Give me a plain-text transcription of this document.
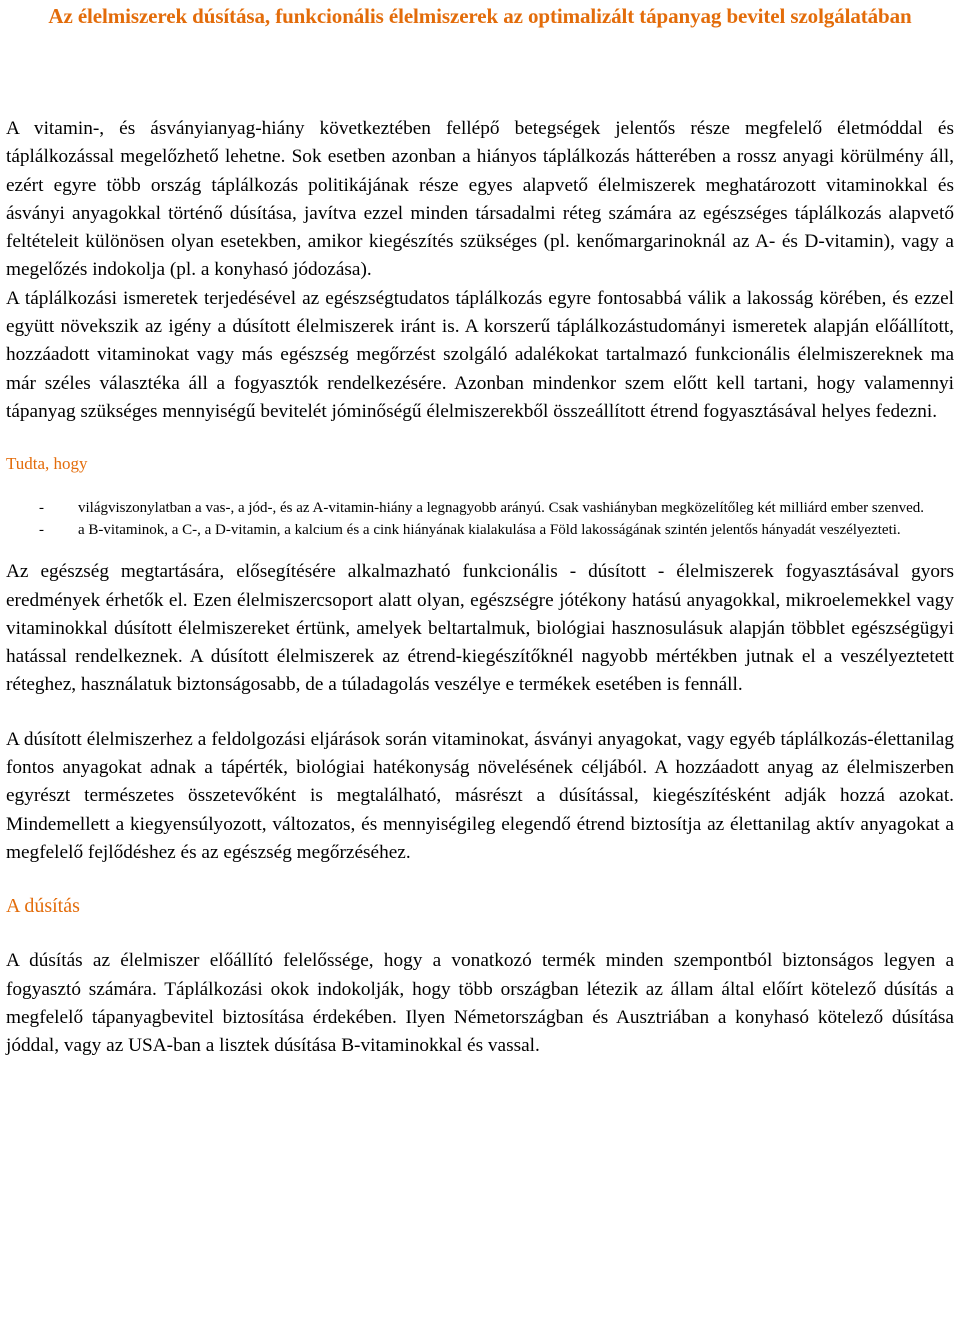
Az élelmiszerek dúsítása, funkcionális élelmiszerek az optimalizált tápanyag bevitel szolgálatában

A vitamin-, és ásványianyag-hiány következtében fellépő betegségek jelentős része megfelelő életmóddal és táplálkozással megelőzhető lehetne. Sok esetben azonban a hiányos táplálkozás hátterében a rossz anyagi körülmény áll, ezért egyre több ország táplálkozás politikájának része egyes alapvető élelmiszerek meghatározott vitaminokkal és ásványi anyagokkal történő dúsítása, javítva ezzel minden társadalmi réteg számára az egészséges táplálkozás alapvető feltételeit különösen olyan esetekben, amikor kiegészítés szükséges (pl. kenőmargarinoknál az A- és D-vitamin), vagy a megelőzés indokolja (pl. a konyhasó jódozása).

A táplálkozási ismeretek terjedésével az egészségtudatos táplálkozás egyre fontosabbá válik a lakosság körében, és ezzel együtt növekszik az igény a dúsított élelmiszerek iránt is. A korszerű táplálkozástudományi ismeretek alapján előállított, hozzáadott vitaminokat vagy más egészség megőrzést szolgáló adalékokat tartalmazó funkcionális élelmiszereknek ma már széles választéka áll a fogyasztók rendelkezésére. Azonban mindenkor szem előtt kell tartani, hogy valamennyi tápanyag szükséges mennyiségű bevitelét jóminőségű élelmiszerekből összeállított étrend fogyasztásával helyes fedezni.

Tudta, hogy
- világviszonylatban a vas-, a jód-, és az A-vitamin-hiány a legnagyobb arányú. Csak vashiányban megközelítőleg két milliárd ember szenved.
- a B-vitaminok, a C-, a D-vitamin, a kalcium és a cink hiányának kialakulása a Föld lakosságának szintén jelentős hányadát veszélyezteti.

Az egészség megtartására, elősegítésére alkalmazható funkcionális - dúsított - élelmiszerek fogyasztásával gyors eredmények érhetők el. Ezen élelmiszercsoport alatt olyan, egészségre jótékony hatású anyagokkal, mikroelemekkel vagy vitaminokkal dúsított élelmiszereket értünk, amelyek beltartalmuk, biológiai hasznosulásuk alapján többlet egészségügyi hatással rendelkeznek. A dúsított élelmiszerek az étrend-kiegészítőknél nagyobb mértékben jutnak el a veszélyeztetett réteghez, használatuk biztonságosabb, de a túladagolás veszélye e termékek esetében is fennáll.

A dúsított élelmiszerhez a feldolgozási eljárások során vitaminokat, ásványi anyagokat, vagy egyéb táplálkozás-élettanilag fontos anyagokat adnak a tápérték, biológiai hatékonyság növelésének céljából. A hozzáadott anyag az élelmiszerben egyrészt természetes összetevőként is megtalálható, másrészt a dúsítással, kiegészítésként adják hozzá azokat. Mindemellett a kiegyensúlyozott, változatos, és mennyiségileg elegendő étrend biztosítja az élettanilag aktív anyagokat a megfelelő fejlődéshez és az egészség megőrzéséhez.

A dúsítás

A dúsítás az élelmiszer előállító felelőssége, hogy a vonatkozó termék minden szempontból biztonságos legyen a fogyasztó számára. Táplálkozási okok indokolják, hogy több országban létezik az állam által előírt kötelező dúsítás a megfelelő tápanyagbevitel biztosítása érdekében. Ilyen Németországban és Ausztriában a konyhasó kötelező dúsítása jóddal, vagy az USA-ban a lisztek dúsítása B-vitaminokkal és vassal.
